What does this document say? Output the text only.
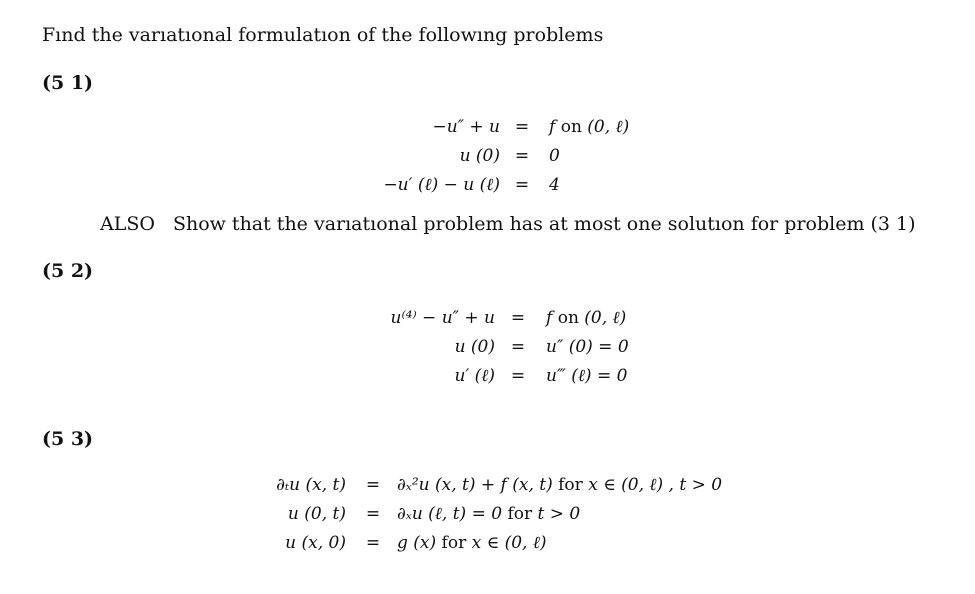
Fınd the varıatıonal formulatıon of the followıng problems
(5 1)
−u″ + u = f on (0, ℓ)
u (0) = 0
−u′ (ℓ) − u (ℓ) = 4
ALSO Show that the varıatıonal problem has at most one solutıon for problem (3 1)
(5 2)
u⁽⁴⁾ − u″ + u = f on (0, ℓ)
u (0) = u″ (0) = 0
u′ (ℓ) = u‴ (ℓ) = 0
(5 3)
∂ₜu (x, t) = ∂ₓ²u (x, t) + f (x, t) for x ∈ (0, ℓ) , t > 0
u (0, t) = ∂ₓu (ℓ, t) = 0 for t > 0
u (x, 0) = g (x) for x ∈ (0, ℓ)
